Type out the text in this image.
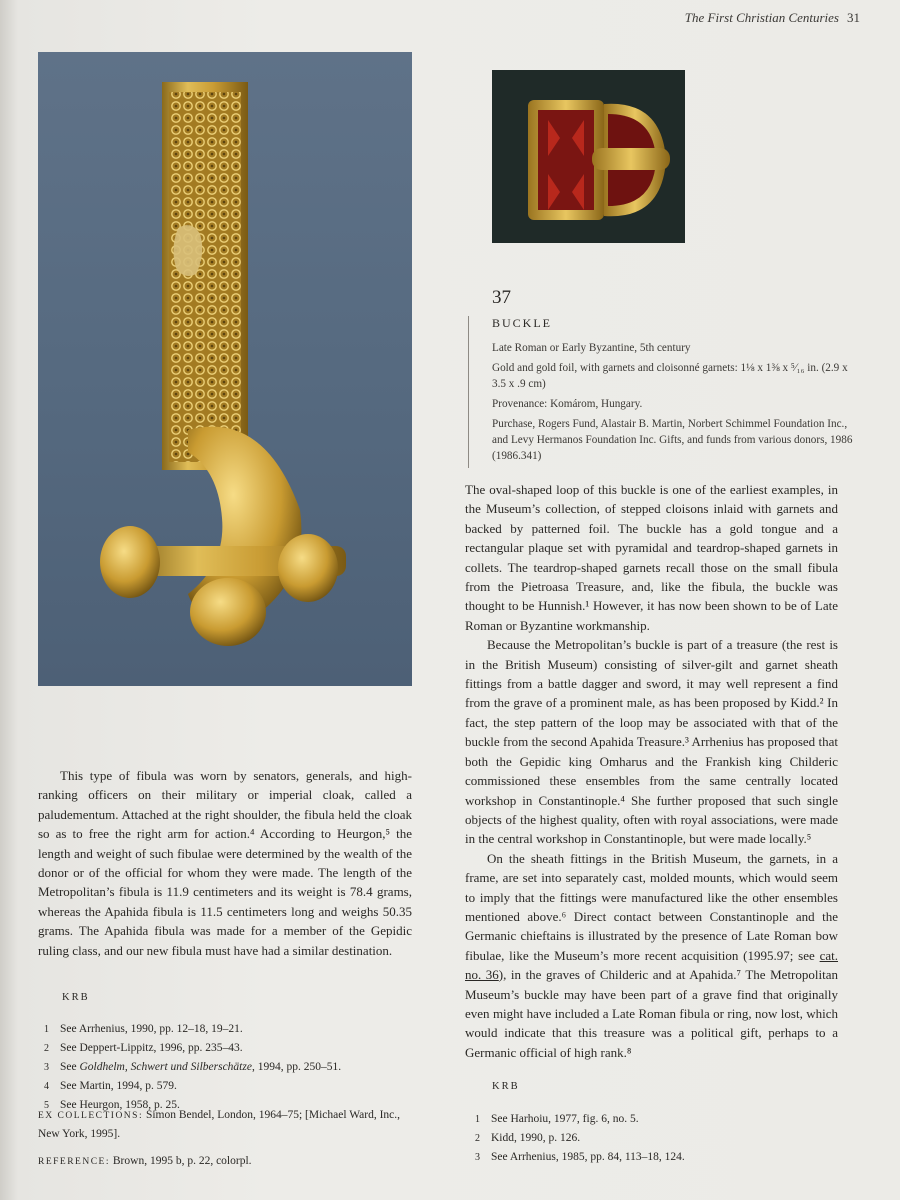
The First Christian Centuries 31
37
BUCKLE

Late Roman or Early Byzantine, 5th century

Gold and gold foil, with garnets and cloisonné garnets: 1⅛ x 1⅜ x ⁵⁄₁₆ in. (2.9 x 3.5 x .9 cm)

Provenance: Komárom, Hungary.

Purchase, Rogers Fund, Alastair B. Martin, Norbert Schimmel Foundation Inc., and Levy Hermanos Foundation Inc. Gifts, and funds from various donors, 1986 (1986.341)

The oval-shaped loop of this buckle is one of the earliest examples, in the Museum’s collection, of stepped cloisons inlaid with garnets and backed by patterned foil. The buckle has a gold tongue and a rectangular plaque set with pyramidal and teardrop-shaped garnets in collets. The teardrop-shaped garnets recall those on the small fibula from the Pietroasa Treasure, and, like the fibula, the buckle was thought to be Hunnish.¹ However, it has now been shown to be of Late Roman or Byzantine workmanship.

Because the Metropolitan’s buckle is part of a treasure (the rest is in the British Museum) consisting of silver-gilt and garnet sheath fittings from a battle dagger and sword, it may well represent a find from the grave of a prominent male, as has been proposed by Kidd.² In fact, the step pattern of the loop may be associated with that of the buckle from the second Apahida Treasure.³ Arrhenius has proposed that both the Gepidic king Omharus and the Frankish king Childeric commissioned these ensembles from the same centrally located workshop in Constantinople.⁴ She further proposed that such single objects of the highest quality, often with royal associations, were made in the central workshop in Constantinople, but were made locally.⁵

On the sheath fittings in the British Museum, the garnets, in a frame, are set into separately cast, molded mounts, which would seem to imply that the fittings were manufactured like the other ensembles mentioned above.⁶ Direct contact between Constantinople and the Germanic chieftains is illustrated by the presence of Late Roman bow fibulae, like the Museum’s more recent acquisition (1995.97; see cat. no. 36), in the graves of Childeric and at Apahida.⁷ The Metropolitan Museum’s buckle may have been part of a grave find that originally even might have included a Late Roman fibula or ring, now lost, which would indicate that this treasure was a political gift, perhaps to a Germanic official of high rank.⁸

This type of fibula was worn by senators, generals, and high-ranking officers on their military or imperial cloak, called a paludementum. Attached at the right shoulder, the fibula held the cloak so as to free the right arm for action.⁴ According to Heurgon,⁵ the length and weight of such fibulae were determined by the wealth of the donor or of the official for whom they were made. The length of the Metropolitan’s fibula is 11.9 centimeters and its weight is 78.4 grams, whereas the Apahida fibula is 11.5 centimeters long and weighs 50.35 grams. The Apahida fibula was made for a member of the Gepidic ruling class, and our new fibula must have had a similar destination.

KRB
1 See Arrhenius, 1990, pp. 12–18, 19–21.
2 See Deppert-Lippitz, 1996, pp. 235–43.
3 See Goldhelm, Schwert und Silberschätze, 1994, pp. 250–51.
4 See Martin, 1994, p. 579.
5 See Heurgon, 1958, p. 25.
EX COLLECTIONS: Simon Bendel, London, 1964–75; [Michael Ward, Inc., New York, 1995].
REFERENCE: Brown, 1995 b, p. 22, colorpl.
KRB
1 See Harhoiu, 1977, fig. 6, no. 5.
2 Kidd, 1990, p. 126.
3 See Arrhenius, 1985, pp. 84, 113–18, 124.
